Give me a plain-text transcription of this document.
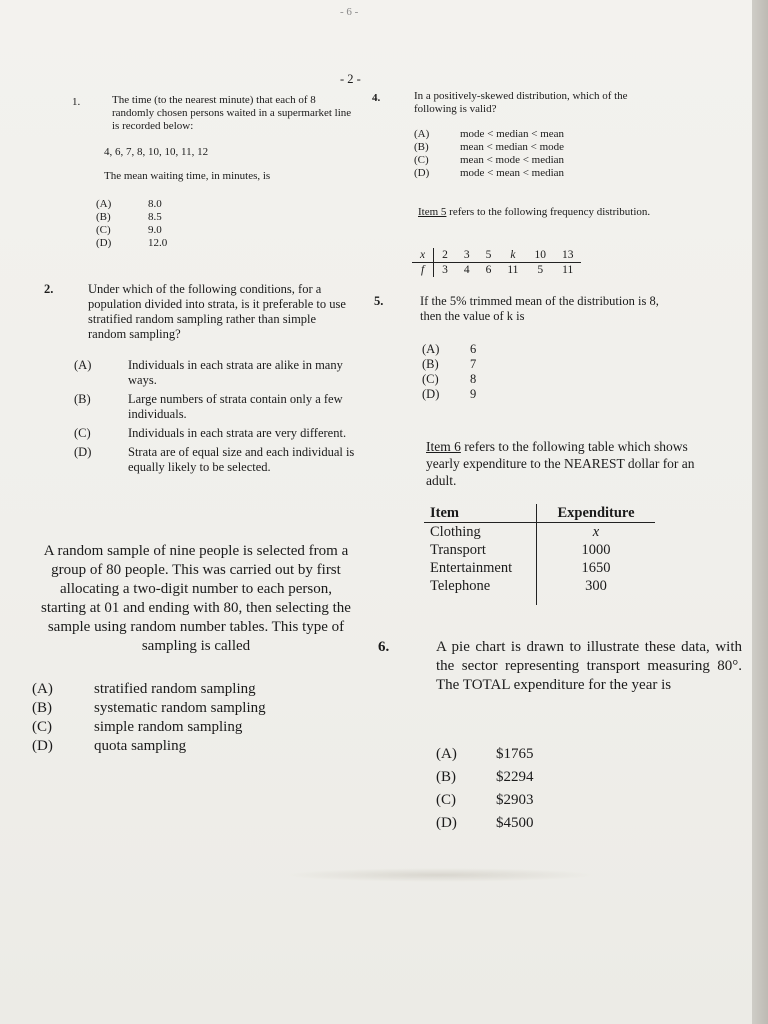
- 6 -
- 2 -
1.	The time (to the nearest minute) that each of 8 randomly chosen persons waited in a supermarket line is recorded below:
4, 6, 7, 8, 10, 10, 11, 12
The mean waiting time, in minutes, is
(A)	8.0
(B)	8.5
(C)	9.0
(D)	12.0
2.	Under which of the following conditions, for a population divided into strata, is it preferable to use stratified random sampling rather than simple random sampling?
(A)	Individuals in each strata are alike in many ways.
(B)	Large numbers of strata contain only a few individuals.
(C)	Individuals in each strata are very different.
(D)	Strata are of equal size and each individual is equally likely to be selected.
A random sample of nine people is selected from a group of 80 people. This was carried out by first allocating a two-digit number to each person, starting at 01 and ending with 80, then selecting the sample using random number tables. This type of sampling is called
(A)	stratified random sampling
(B)	systematic random sampling
(C)	simple random sampling
(D)	quota sampling
4.	In a positively-skewed distribution, which of the following is valid?
(A)	mode < median < mean
(B)	mean < median < mode
(C)	mean < mode < median
(D)	mode < mean < median
Item 5 refers to the following frequency distribution.
x	2	3	5	k	10	13
f	3	4	6	11	5	11
5.	If the 5% trimmed mean of the distribution is 8, then the value of k is
(A)	6
(B)	7
(C)	8
(D)	9
Item 6 refers to the following table which shows yearly expenditure to the NEAREST dollar for an adult.
Item	Expenditure
Clothing	x
Transport	1000
Entertainment	1650
Telephone	300
6.	A pie chart is drawn to illustrate these data, with the sector representing transport measuring 80°. The TOTAL expenditure for the year is
(A)	$1765
(B)	$2294
(C)	$2903
(D)	$4500
